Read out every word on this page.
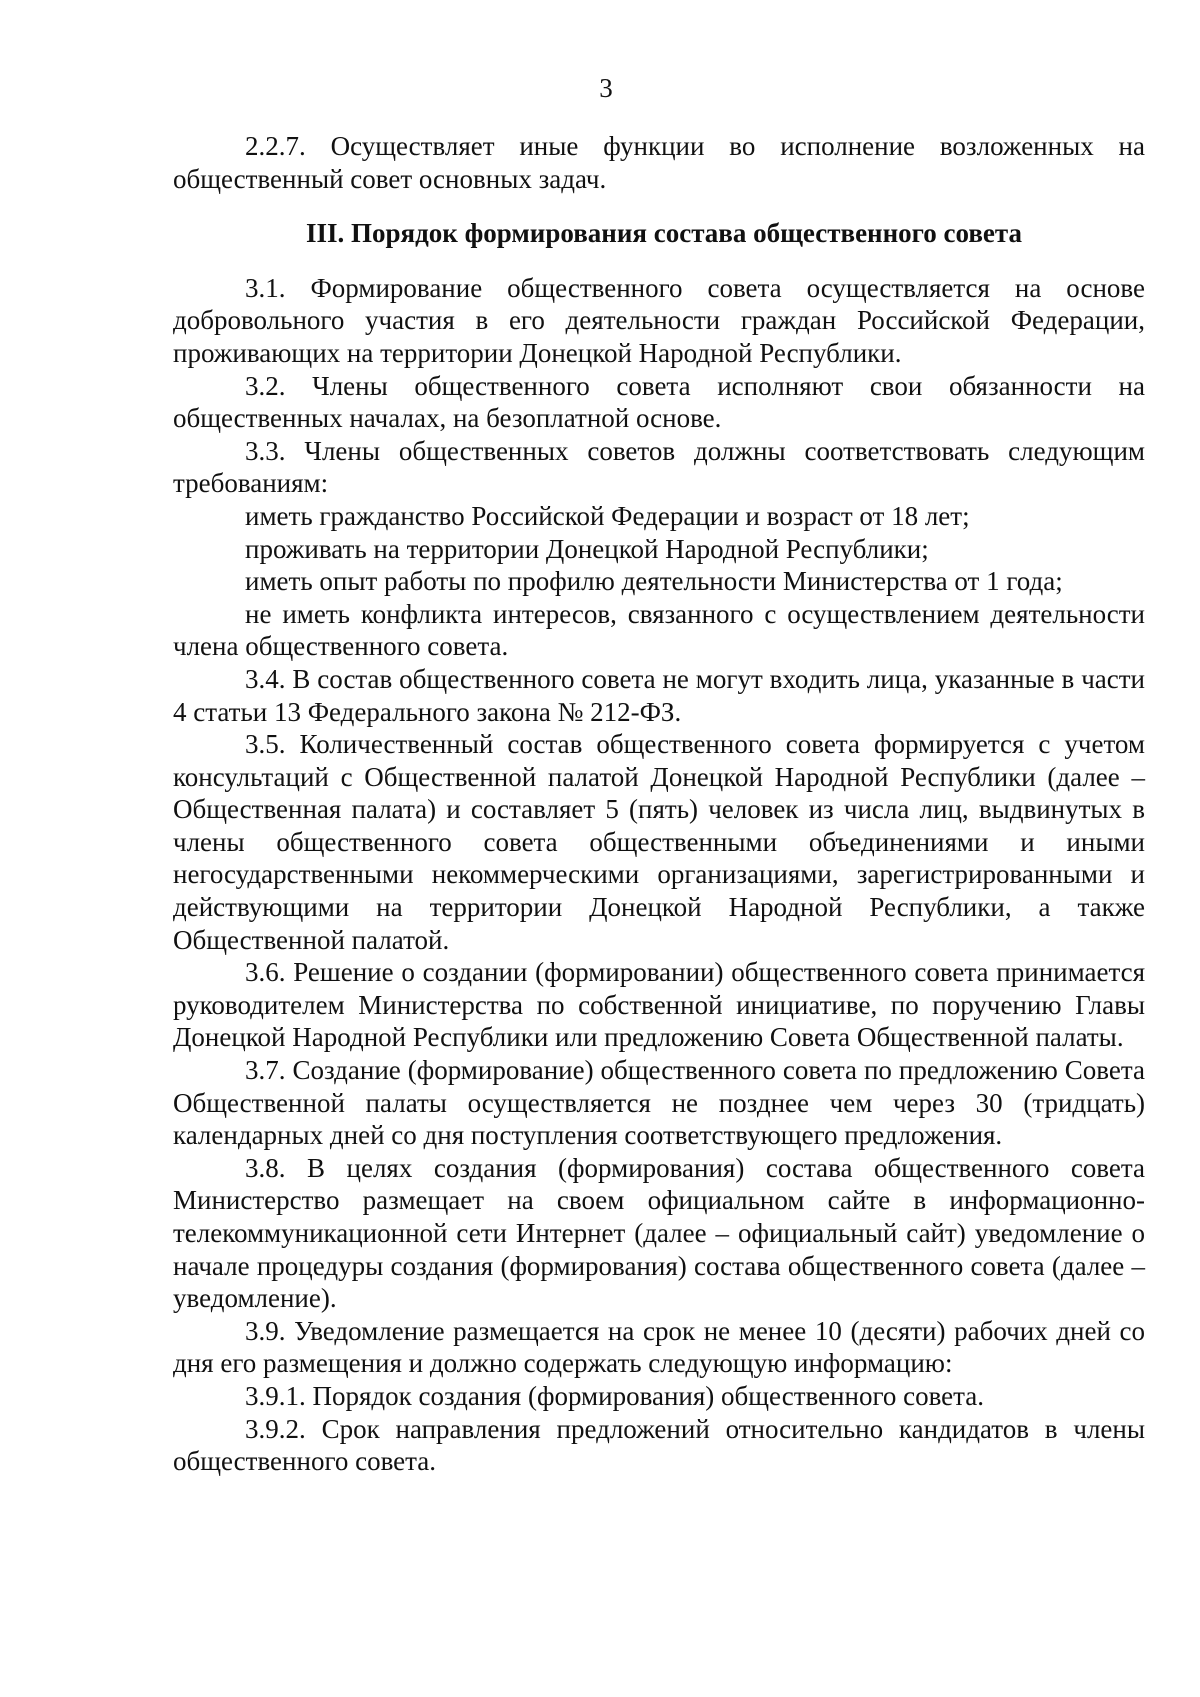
3

2.2.7. Осуществляет иные функции во исполнение возложенных на общественный совет основных задач.

III. Порядок формирования состава общественного совета

3.1. Формирование общественного совета осуществляется на основе добровольного участия в его деятельности граждан Российской Федерации, проживающих на территории Донецкой Народной Республики.

3.2. Члены общественного совета исполняют свои обязанности на общественных началах, на безоплатной основе.

3.3. Члены общественных советов должны соответствовать следующим требованиям:

иметь гражданство Российской Федерации и возраст от 18 лет;

проживать на территории Донецкой Народной Республики;

иметь опыт работы по профилю деятельности Министерства от 1 года;

не иметь конфликта интересов, связанного с осуществлением деятельности члена общественного совета.

3.4. В состав общественного совета не могут входить лица, указанные в части 4 статьи 13 Федерального закона № 212-ФЗ.

3.5. Количественный состав общественного совета формируется с учетом консультаций с Общественной палатой Донецкой Народной Республики (далее – Общественная палата) и составляет 5 (пять) человек из числа лиц, выдвинутых в члены общественного совета общественными объединениями и иными негосударственными некоммерческими организациями, зарегистрированными и действующими на территории Донецкой Народной Республики, а также Общественной палатой.

3.6. Решение о создании (формировании) общественного совета принимается руководителем Министерства по собственной инициативе, по поручению Главы Донецкой Народной Республики или предложению Совета Общественной палаты.

3.7. Создание (формирование) общественного совета по предложению Совета Общественной палаты осуществляется не позднее чем через 30 (тридцать) календарных дней со дня поступления соответствующего предложения.

3.8. В целях создания (формирования) состава общественного совета Министерство размещает на своем официальном сайте в информационно-телекоммуникационной сети Интернет (далее – официальный сайт) уведомление о начале процедуры создания (формирования) состава общественного совета (далее – уведомление).

3.9. Уведомление размещается на срок не менее 10 (десяти) рабочих дней со дня его размещения и должно содержать следующую информацию:

3.9.1. Порядок создания (формирования) общественного совета.

3.9.2. Срок направления предложений относительно кандидатов в члены общественного совета.
